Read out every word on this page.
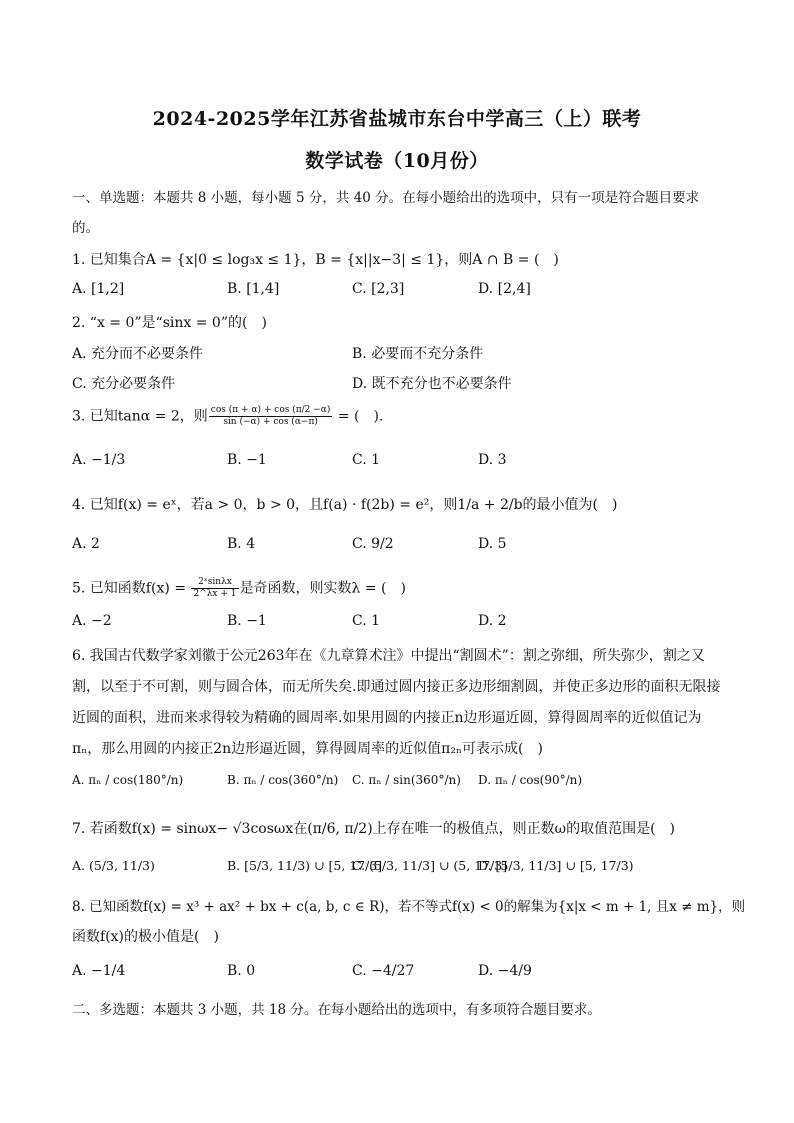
2024-2025学年江苏省盐城市东台中学高三（上）联考
数学试卷（10月份）
一、单选题：本题共 8 小题，每小题 5 分，共 40 分。在每小题给出的选项中，只有一项是符合题目要求
的。
1. 已知集合A = {x|0 ≤ log₃x ≤ 1}，B = {x||x−3| ≤ 1}，则A ∩ B = (　)
A. [1,2]	B. [1,4]	C. [2,3]	D. [2,4]
2. “x = 0”是“sinx = 0”的(　)
A. 充分而不必要条件	B. 必要而不充分条件
C. 充分必要条件	D. 既不充分也不必要条件
3. 已知tanα = 2，则 $\frac{\cos (\pi + \alpha) + \cos (\pi/2 -\alpha)}{\sin (-\alpha) + \cos (\alpha-\pi)}$ = (　).
A. −1/3	B. −1	C. 1	D. 3
4. 已知f(x) = eˣ，若a > 0，b > 0，且f(a) · f(2b) = e²，则1/a + 2/b的最小值为(　)
A. 2	B. 4	C. 9/2	D. 5
5. 已知函数$f(x) = \frac{\text{2ˣsinλx}}{2\^{}\lambda x + 1}$ 是奇函数，则实数λ = (　)
A. −2	B. −1	C. 1	D. 2
6. 我国古代数学家刘徽于公元263年在《九章算术注》中提出“割圆术”：割之弥细，所失弥少，割之又
割，以至于不可割，则与圆合体，而无所失矣.即通过圆内接正多边形细割圆，并使正多边形的面积无限接
近圆的面积，进而来求得较为精确的圆周率.如果用圆的内接正n边形逼近圆，算得圆周率的近似值记为
πₙ，那么用圆的内接正2n边形逼近圆，算得圆周率的近似值π₂ₙ可表示成(　)
A. πₙ / cos(180°/n)	B. πₙ / cos(360°/n) C. πₙ / sin(360°/n) D. πₙ / cos(90°/n)
7. 若函数f(x) = sinωx− √3cosωx在(π/6, π/2)上存在唯一的极值点，则正数ω的取值范围是(　)
A. (5/3, 11/3)	B. [5/3, 11/3) ∪ [5, 17/3]
C. (5/3, 11/3] ∪ (5, 17/3]
D. [5/3, 11/3] ∪ [5, 17/3)
8. 已知函数f(x) = x³ + ax² + bx + c(a, b, c ∈ R)，若不等式f(x) < 0的解集为{x|x < m + 1, 且x ≠ m}，则
函数f(x)的极小值是(　)
A. −1/4	B. 0	C. −4/27	D. −4/9
二、多选题：本题共 3 小题，共 18 分。在每小题给出的选项中，有多项符合题目要求。
